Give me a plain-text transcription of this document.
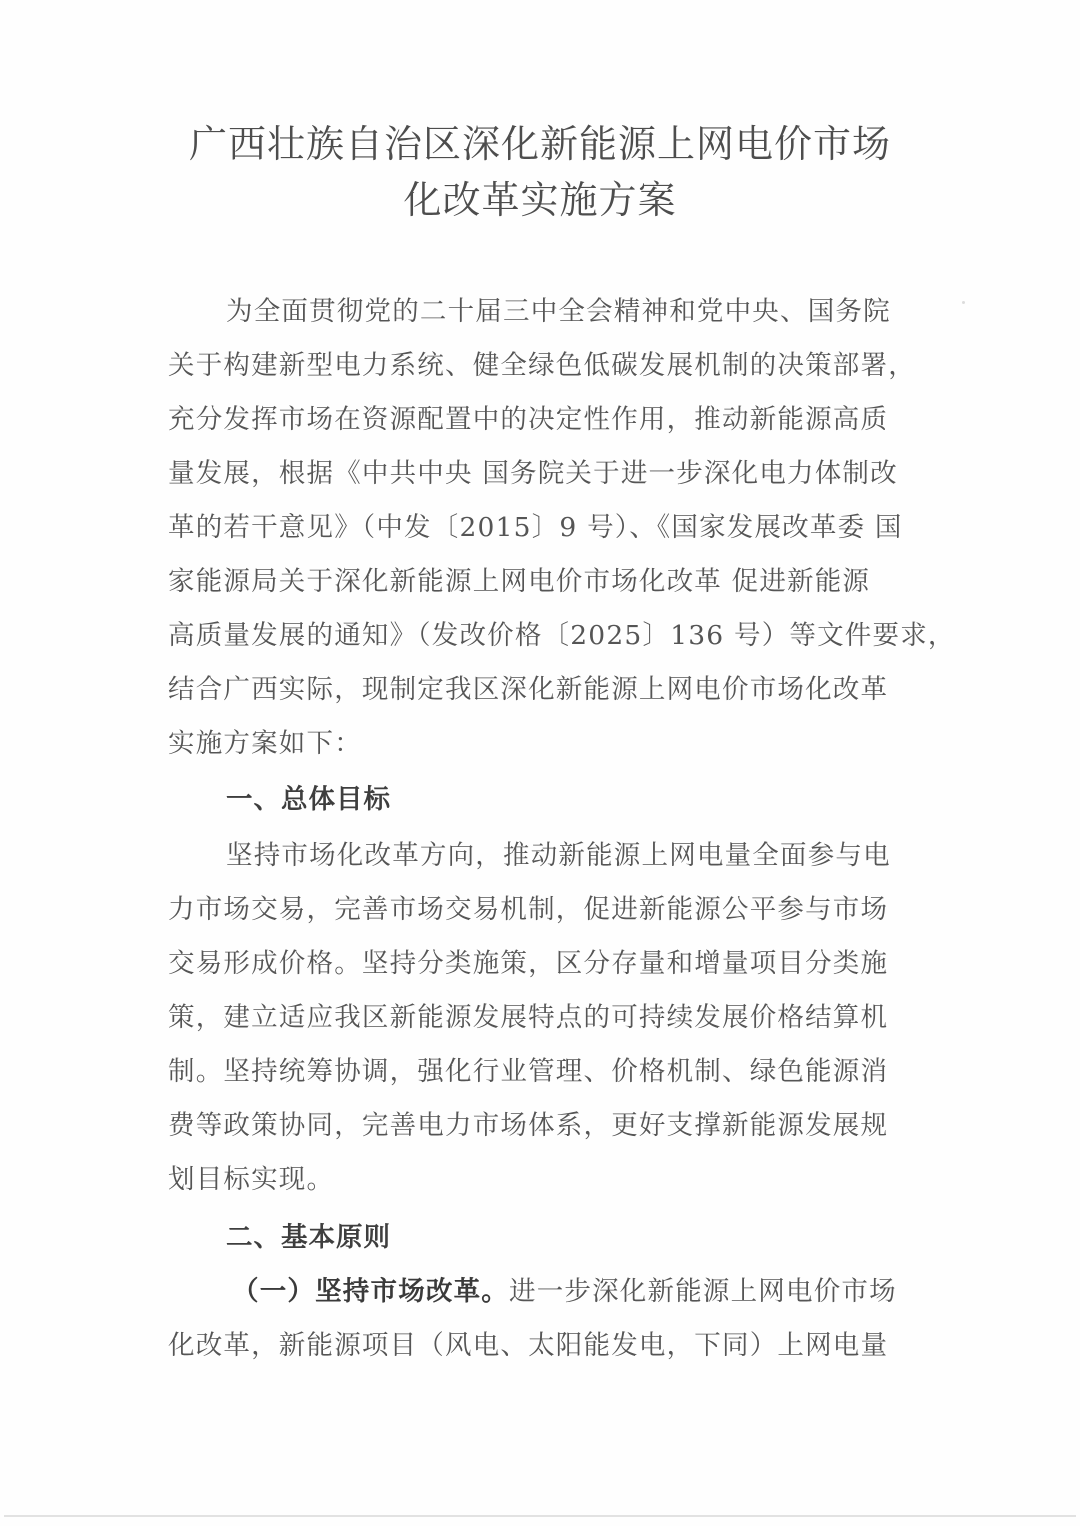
广西壮族自治区深化新能源上网电价市场
化改革实施方案
为全面贯彻党的二十届三中全会精神和党中央、国务院
关于构建新型电力系统、健全绿色低碳发展机制的决策部署，
充分发挥市场在资源配置中的决定性作用，推动新能源高质
量发展，根据《中共中央 国务院关于进一步深化电力体制改
革的若干意见》（中发〔2015〕9 号）、《国家发展改革委 国
家能源局关于深化新能源上网电价市场化改革 促进新能源
高质量发展的通知》（发改价格〔2025〕136 号）等文件要求，
结合广西实际，现制定我区深化新能源上网电价市场化改革
实施方案如下：
一、总体目标
坚持市场化改革方向，推动新能源上网电量全面参与电
力市场交易，完善市场交易机制，促进新能源公平参与市场
交易形成价格。坚持分类施策，区分存量和增量项目分类施
策，建立适应我区新能源发展特点的可持续发展价格结算机
制。坚持统筹协调，强化行业管理、价格机制、绿色能源消
费等政策协同，完善电力市场体系，更好支撑新能源发展规
划目标实现。
二、基本原则
（一）坚持市场改革。进一步深化新能源上网电价市场
化改革，新能源项目（风电、太阳能发电，下同）上网电量
